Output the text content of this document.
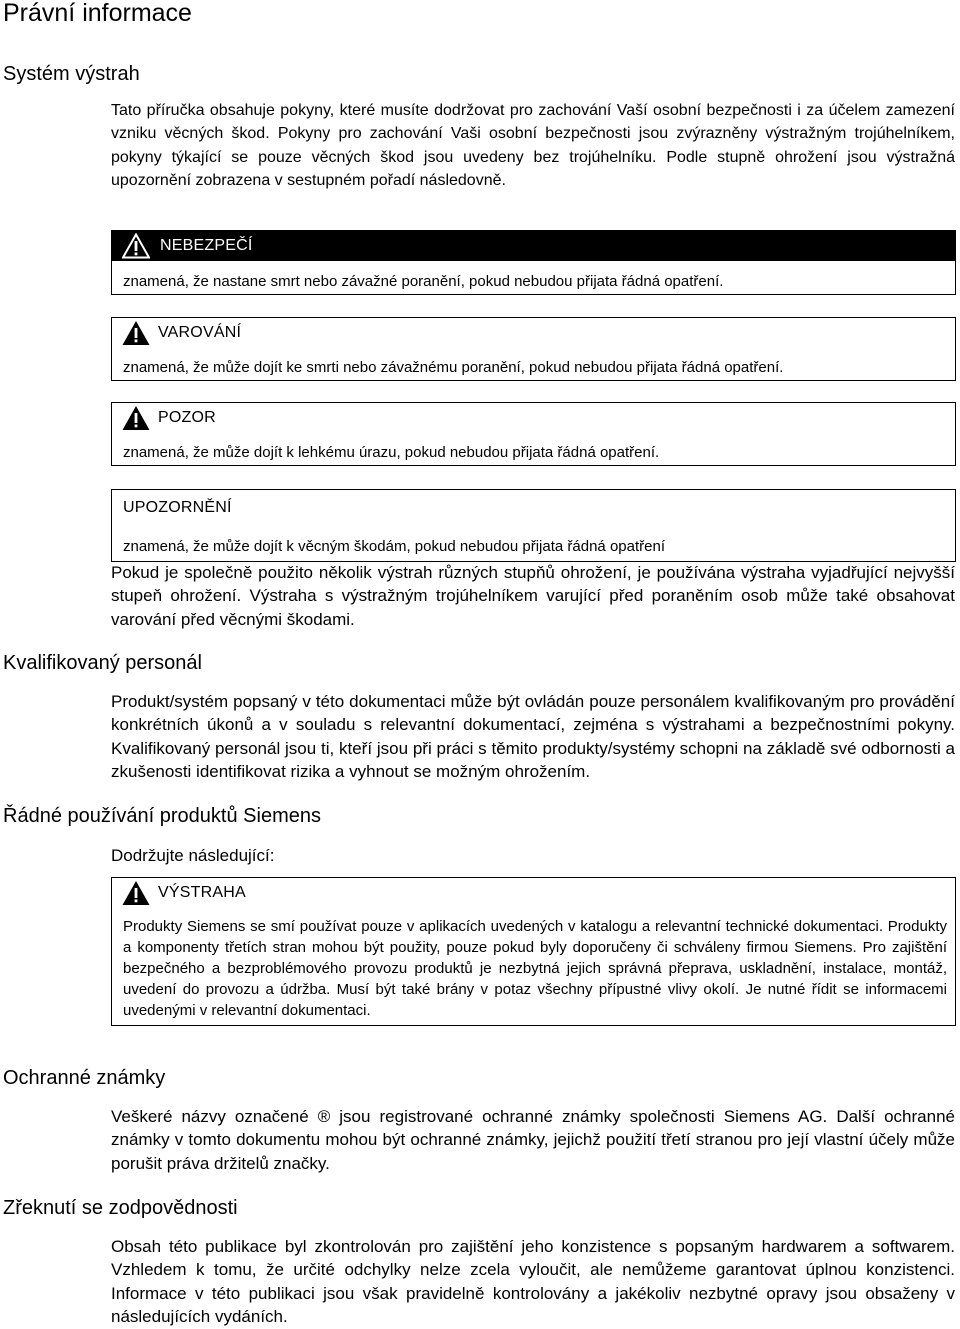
Právní informace
Systém výstrah

Tato příručka obsahuje pokyny, které musíte dodržovat pro zachování Vaší osobní bezpečnosti i za účelem zamezení vzniku věcných škod. Pokyny pro zachování Vaši osobní bezpečnosti jsou zvýrazněny výstražným trojúhelníkem, pokyny týkající se pouze věcných škod jsou uvedeny bez trojúhelníku. Podle stupně ohrožení jsou výstražná upozornění zobrazena v sestupném pořadí následovně.

NEBEZPEČÍ
znamená, že nastane smrt nebo závažné poranění, pokud nebudou přijata řádná opatření.
VAROVÁNÍ
znamená, že může dojít ke smrti nebo závažnému poranění, pokud nebudou přijata řádná opatření.
POZOR
znamená, že může dojít k lehkému úrazu, pokud nebudou přijata řádná opatření.
UPOZORNĚNÍ
znamená, že může dojít k věcným škodám, pokud nebudou přijata řádná opatření

Pokud je společně použito několik výstrah různých stupňů ohrožení, je používána výstraha vyjadřující nejvyšší stupeň ohrožení. Výstraha s výstražným trojúhelníkem varující před poraněním osob může také obsahovat varování před věcnými škodami.

Kvalifikovaný personál

Produkt/systém popsaný v této dokumentaci může být ovládán pouze personálem kvalifikovaným pro provádění konkrétních úkonů a v souladu s relevantní dokumentací, zejména s výstrahami a bezpečnostními pokyny. Kvalifikovaný personál jsou ti, kteří jsou při práci s těmito produkty/systémy schopni na základě své odbornosti a zkušenosti identifikovat rizika a vyhnout se možným ohrožením.

Řádné používání produktů Siemens

Dodržujte následující:

VÝSTRAHA
Produkty Siemens se smí používat pouze v aplikacích uvedených v katalogu a relevantní technické dokumentaci. Produkty a komponenty třetích stran mohou být použity, pouze pokud byly doporučeny či schváleny firmou Siemens. Pro zajištění bezpečného a bezproblémového provozu produktů je nezbytná jejich správná přeprava, uskladnění, instalace, montáž, uvedení do provozu a údržba. Musí být také brány v potaz všechny přípustné vlivy okolí. Je nutné řídit se informacemi uvedenými v relevantní dokumentaci.
Ochranné známky

Veškeré názvy označené ® jsou registrované ochranné známky společnosti Siemens AG. Další ochranné známky v tomto dokumentu mohou být ochranné známky, jejichž použití třetí stranou pro její vlastní účely může porušit práva držitelů značky.

Zřeknutí se zodpovědnosti

Obsah této publikace byl zkontrolován pro zajištění jeho konzistence s popsaným hardwarem a softwarem. Vzhledem k tomu, že určité odchylky nelze zcela vyloučit, ale nemůžeme garantovat úplnou konzistenci. Informace v této publikaci jsou však pravidelně kontrolovány a jakékoliv nezbytné opravy jsou obsaženy v následujících vydáních.
